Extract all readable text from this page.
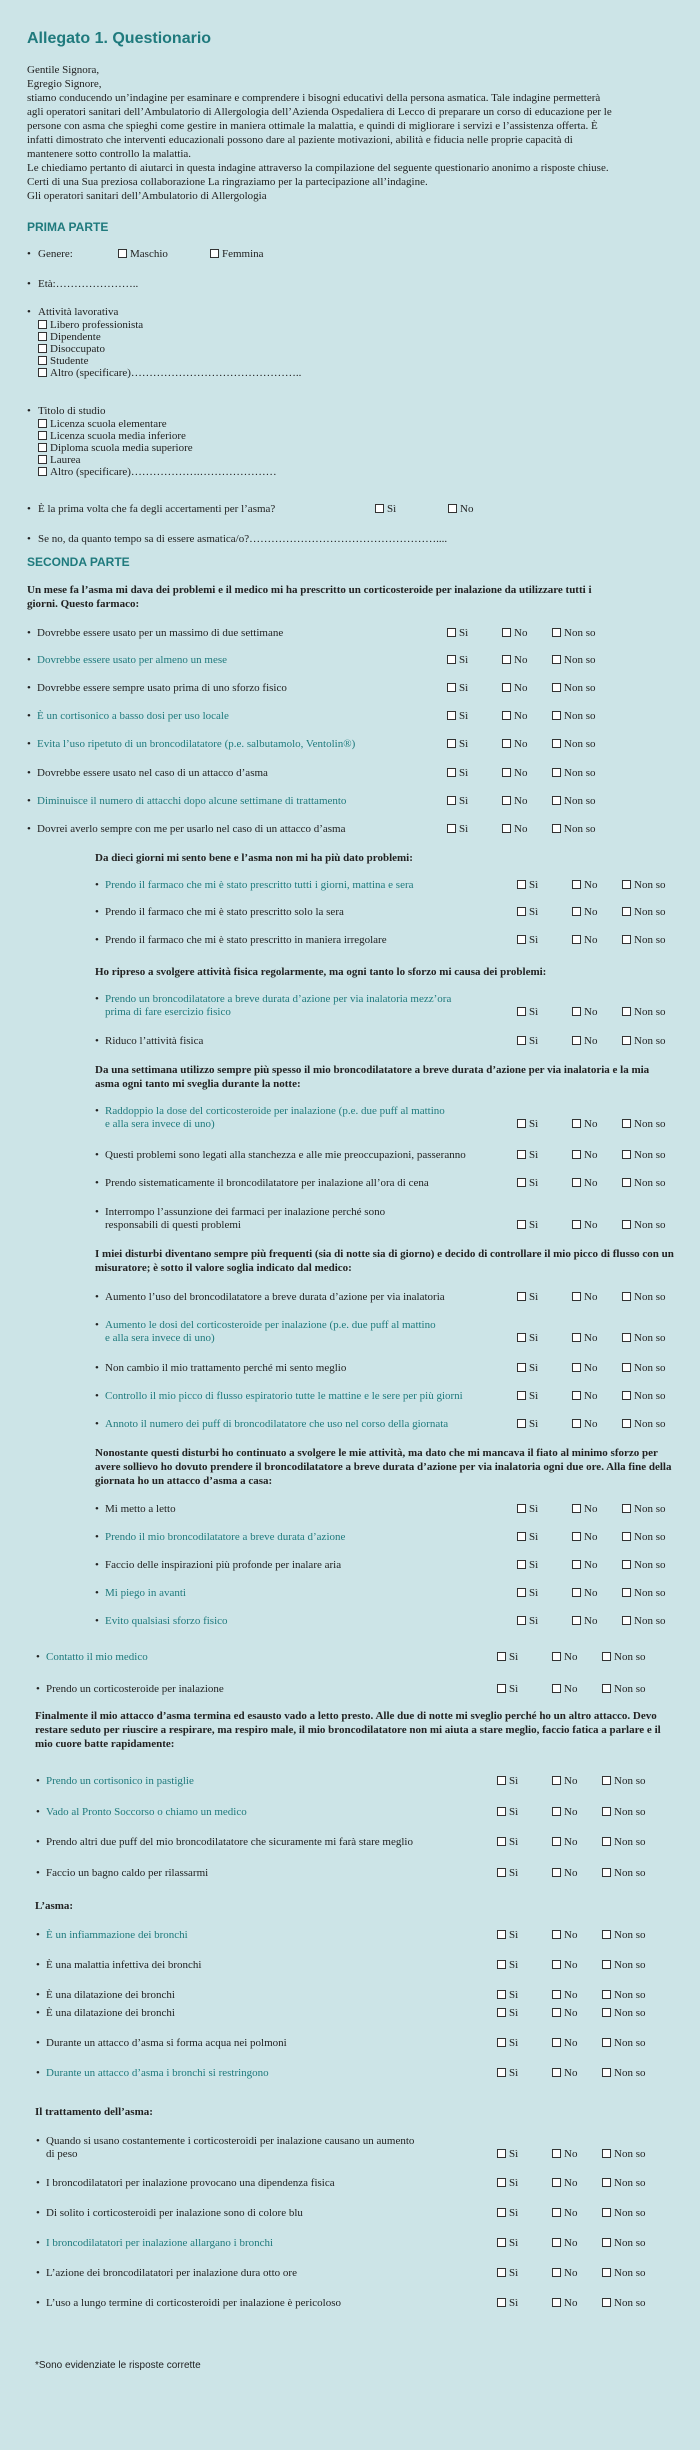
Allegato 1. Questionario
Gentile Signora,
Egregio Signore,
stiamo conducendo un’indagine per esaminare e comprendere i bisogni educativi della persona asmatica. Tale indagine permetterà agli operatori sanitari dell’Ambulatorio di Allergologia dell’Azienda Ospedaliera di Lecco di preparare un corso di educazione per le persone con asma che spieghi come gestire in maniera ottimale la malattia, e quindi di migliorare i servizi e l’assistenza offerta. È infatti dimostrato che interventi educazionali possono dare al paziente motivazioni, abilità e fiducia nelle proprie capacità di mantenere sotto controllo la malattia.
Le chiediamo pertanto di aiutarci in questa indagine attraverso la compilazione del seguente questionario anonimo a risposte chiuse. Certi di una Sua preziosa collaborazione La ringraziamo per la partecipazione all’indagine.
Gli operatori sanitari dell’Ambulatorio di Allergologia
PRIMA PARTE
• Genere:	Maschio	Femmina
• Età:…………………..
• Attività lavorativa
Libero professionista
Dipendente
Disoccupato
Studente
Altro (specificare)………………………………………..
• Titolo di studio
Licenza scuola elementare
Licenza scuola media inferiore
Diploma scuola media superiore
Laurea
Altro (specificare)……………….…………………
• È la prima volta che fa degli accertamenti per l’asma?	Sì	No
• Se no, da quanto tempo sa di essere asmatica/o?……………………………………………....
SECONDA PARTE
Un mese fa l’asma mi dava dei problemi e il medico mi ha prescritto un corticosteroide per inalazione da utilizzare tutti i giorni. Questo farmaco:
• Dovrebbe essere usato per un massimo di due settimane	Sì	No	Non so
• Dovrebbe essere usato per almeno un mese	Sì	No	Non so
• Dovrebbe essere sempre usato prima di uno sforzo fisico	Sì	No	Non so
• È un cortisonico a basso dosi per uso locale	Sì	No	Non so
• Evita l’uso ripetuto di un broncodilatatore (p.e. salbutamolo, Ventolin®)	Sì	No	Non so
• Dovrebbe essere usato nel caso di un attacco d’asma	Sì	No	Non so
• Diminuisce il numero di attacchi dopo alcune settimane di trattamento	Sì	No	Non so
• Dovrei averlo sempre con me per usarlo nel caso di un attacco d’asma	Sì	No	Non so
Da dieci giorni mi sento bene e l’asma non mi ha più dato problemi:
• Prendo il farmaco che mi è stato prescritto tutti i giorni, mattina e sera	Sì	No	Non so
• Prendo il farmaco che mi è stato prescritto solo la sera	Sì	No	Non so
• Prendo il farmaco che mi è stato prescritto in maniera irregolare	Sì	No	Non so
Ho ripreso a svolgere attività fisica regolarmente, ma ogni tanto lo sforzo mi causa dei problemi:
• Prendo un broncodilatatore a breve durata d’azione per via inalatoria mezz’ora
prima di fare esercizio fisico	Sì	No	Non so
• Riduco l’attività fisica	Sì	No	Non so
Da una settimana utilizzo sempre più spesso il mio broncodilatatore a breve durata d’azione per via inalatoria e la mia asma ogni tanto mi sveglia durante la notte:
• Raddoppio la dose del corticosteroide per inalazione (p.e. due puff al mattino
e alla sera invece di uno)	Sì	No	Non so
• Questi problemi sono legati alla stanchezza e alle mie preoccupazioni, passeranno	Sì	No	Non so
• Prendo sistematicamente il broncodilatatore per inalazione all’ora di cena	Sì	No	Non so
• Interrompo l’assunzione dei farmaci per inalazione perché sono
responsabili di questi problemi	Sì	No	Non so
I miei disturbi diventano sempre più frequenti (sia di notte sia di giorno) e decido di controllare il mio picco di flusso con un misuratore; è sotto il valore soglia indicato dal medico:
• Aumento l’uso del broncodilatatore a breve durata d’azione per via inalatoria	Sì	No	Non so
• Aumento le dosi del corticosteroide per inalazione (p.e. due puff al mattino
e alla sera invece di uno)	Sì	No	Non so
• Non cambio il mio trattamento perché mi sento meglio	Sì	No	Non so
• Controllo il mio picco di flusso espiratorio tutte le mattine e le sere per più giorni	Sì	No	Non so
• Annoto il numero dei puff di broncodilatatore che uso nel corso della giornata	Sì	No	Non so
Nonostante questi disturbi ho continuato a svolgere le mie attività, ma dato che mi mancava il fiato al minimo sforzo per avere sollievo ho dovuto prendere il broncodilatatore a breve durata d’azione per via inalatoria ogni due ore. Alla fine della giornata ho un attacco d’asma a casa:
• Mi metto a letto	Sì	No	Non so
• Prendo il mio broncodilatatore a breve durata d’azione	Sì	No	Non so
• Faccio delle inspirazioni più profonde per inalare aria	Sì	No	Non so
• Mi piego in avanti	Sì	No	Non so
• Evito qualsiasi sforzo fisico	Sì	No	Non so
• Contatto il mio medico	Sì	No	Non so
• Prendo un corticosteroide per inalazione	Sì	No	Non so
Finalmente il mio attacco d’asma termina ed esausto vado a letto presto. Alle due di notte mi sveglio perché ho un altro attacco. Devo restare seduto per riuscire a respirare, ma respiro male, il mio broncodilatatore non mi aiuta a stare meglio, faccio fatica a parlare e il mio cuore batte rapidamente:
• Prendo un cortisonico in pastiglie	Sì	No	Non so
• Vado al Pronto Soccorso o chiamo un medico	Sì	No	Non so
• Prendo altri due puff del mio broncodilatatore che sicuramente mi farà stare meglio	Sì	No	Non so
• Faccio un bagno caldo per rilassarmi	Sì	No	Non so
L’asma:
• È un infiammazione dei bronchi	Sì	No	Non so
• È una malattia infettiva dei bronchi	Sì	No	Non so
• È una dilatazione dei bronchi	Sì	No	Non so
• È una dilatazione dei bronchi	Sì	No	Non so
• Durante un attacco d’asma si forma acqua nei polmoni	Sì	No	Non so
• Durante un attacco d’asma i bronchi si restringono	Sì	No	Non so
Il trattamento dell’asma:
• Quando si usano costantemente i corticosteroidi per inalazione causano un aumento
di peso	Sì	No	Non so
• I broncodilatatori per inalazione provocano una dipendenza fisica	Sì	No	Non so
• Di solito i corticosteroidi per inalazione sono di colore blu	Sì	No	Non so
• I broncodilatatori per inalazione allargano i bronchi	Sì	No	Non so
• L’azione dei broncodilatatori per inalazione dura otto ore	Sì	No	Non so
• L’uso a lungo termine di corticosteroidi per inalazione è pericoloso	Sì	No	Non so
*Sono evidenziate le risposte corrette
